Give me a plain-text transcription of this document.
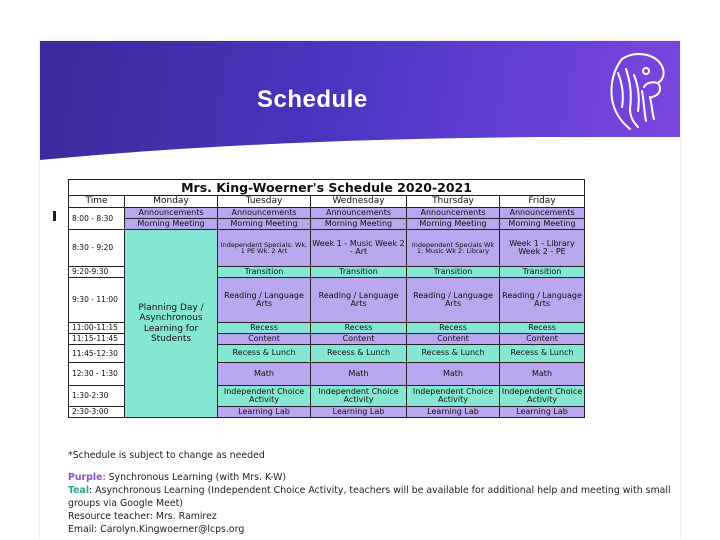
Schedule
Mrs. King-Woerner's Schedule 2020-2021					
Time	Monday	Tuesday	Wednesday	Thursday	Friday
8:00 - 8:30	Announcements	Announcements	Announcements	Announcements	Announcements
	Morning Meeting	Morning Meeting	Morning Meeting	Morning Meeting	Morning Meeting
8:30 - 9:20	Planning Day / Asynchronous Learning for Students	Independent Specials: Wk. 1 PE Wk. 2 Art	Week 1 - Music Week 2 - Art	Independent Specials Wk 1: Music Wk 2: Library	Week 1 - Library Week 2 - PE
9:20-9:30		Transition	Transition	Transition	Transition
9:30 - 11:00		Reading / Language Arts	Reading / Language Arts	Reading / Language Arts	Reading / Language Arts
11:00-11:15		Recess	Recess	Recess	Recess
11:15-11:45		Content	Content	Content	Content
11:45-12:30		Recess & Lunch	Recess & Lunch	Recess & Lunch	Recess & Lunch
12:30 - 1:30		Math	Math	Math	Math
1:30-2:30		Independent Choice Activity	Independent Choice Activity	Independent Choice Activity	Independent Choice Activity
2:30-3:00		Learning Lab	Learning Lab	Learning Lab	Learning Lab
*Schedule is subject to change as needed
Purple: Synchronous Learning (with Mrs. K-W)
Teal: Asynchronous Learning (Independent Choice Activity, teachers will be available for additional help and meeting with small groups via Google Meet)
Resource teacher: Mrs. Ramirez
Email: Carolyn.Kingwoerner@lcps.org
